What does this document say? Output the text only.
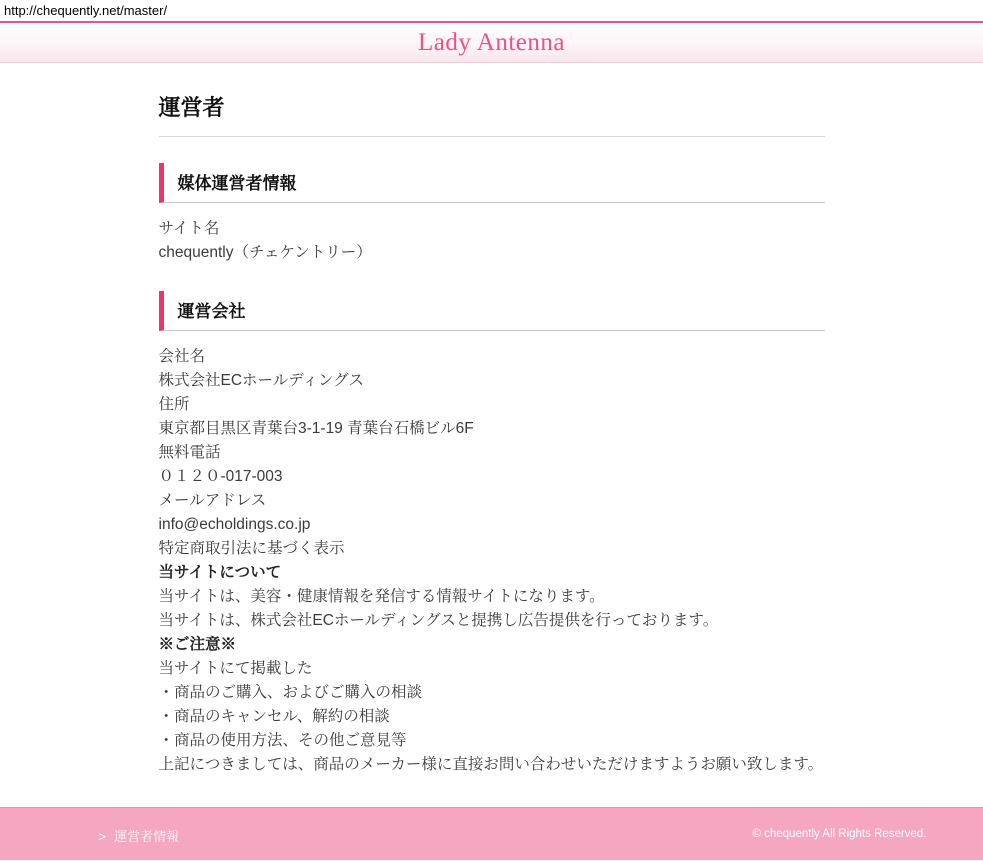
http://chequently.net/master/
Lady Antenna
運営者
媒体運営者情報

サイト名

chequently（チェケントリー）

運営会社

会社名

株式会社ECホールディングス

住所

東京都目黒区青葉台3-1-19 青葉台石橋ビル6F

無料電話

０１２０-017-003

メールアドレス

info@echoldings.co.jp

特定商取引法に基づく表示

当サイトについて

当サイトは、美容・健康情報を発信する情報サイトになります。

当サイトは、株式会社ECホールディングスと提携し広告提供を行っております。

※ご注意※

当サイトにて掲載した

・商品のご購入、およびご購入の相談

・商品のキャンセル、解約の相談

・商品の使用方法、その他ご意見等

上記につきましては、商品のメーカー様に直接お問い合わせいただけますようお願い致します。

> 運営者情報	© chequently All Rights Reserved.
